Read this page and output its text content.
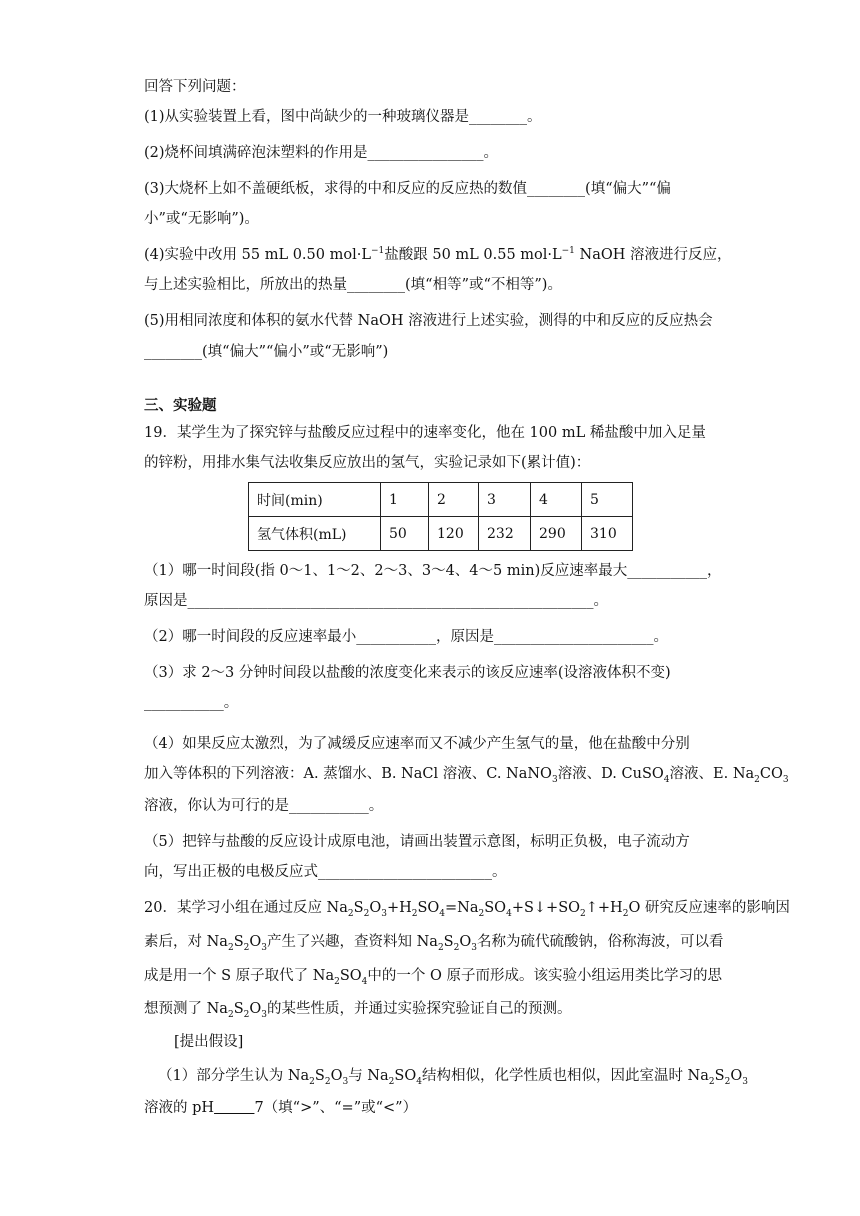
回答下列问题：
(1)从实验装置上看，图中尚缺少的一种玻璃仪器是________。
(2)烧杯间填满碎泡沫塑料的作用是________________。
(3)大烧杯上如不盖硬纸板，求得的中和反应的反应热的数值________(填“偏大”“偏
小”或“无影响”)。
(4)实验中改用 55 mL 0.50 $mol\cdot L^{-1}$盐酸跟 50 mL 0.55 $mol\cdot L^{-1}$ NaOH 溶液进行反应，
与上述实验相比，所放出的热量________(填“相等”或“不相等”)。
(5)用相同浓度和体积的氨水代替 NaOH 溶液进行上述实验，测得的中和反应的反应热会
________(填“偏大”“偏小”或“无影响”)
三、实验题
19．某学生为了探究锌与盐酸反应过程中的速率变化，他在 100 mL 稀盐酸中加入足量
的锌粉，用排水集气法收集反应放出的氢气，实验记录如下(累计值)：
时间(min)	1	2	3	4	5
氢气体积(mL)	50	120	232	290	310
（1）哪一时间段(指 0～1、1～2、2～3、3～4、4～5 min)反应速率最大___________，
原因是________________________________________________________。
（2）哪一时间段的反应速率最小___________，原因是______________________。
（3）求 2～3 分钟时间段以盐酸的浓度变化来表示的该反应速率(设溶液体积不变)
___________。
（4）如果反应太激烈，为了减缓反应速率而又不减少产生氢气的量，他在盐酸中分别
加入等体积的下列溶液：A. 蒸馏水、B. NaCl 溶液、C. NaNO$_3$溶液、D. CuSO$_4$溶液、E. $Na_2CO_3$
溶液，你认为可行的是___________。
（5）把锌与盐酸的反应设计成原电池，请画出装置示意图，标明正负极，电子流动方
向，写出正极的电极反应式________________________。
20．某学习小组在通过反应 $Na_2S_2O_3+H_2SO_4=Na_2SO_4+S↓+SO_2↑+H_2O$ 研究反应速率的影响因
素后，对 $Na_2S_2O_3$产生了兴趣，查资料知 $Na_2S_2O_3$名称为硫代硫酸钠，俗称海波，可以看
成是用一个 S 原子取代了 $Na_2SO_4$中的一个 O 原子而形成。该实验小组运用类比学习的思
想预测了 $Na_2S_2O_3$的某些性质，并通过实验探究验证自己的预测。
[提出假设]
（1）部分学生认为 $Na_2S_2O_3$与 $Na_2SO_4$结构相似，化学性质也相似，因此室温时 $Na_2S_2O_3$
溶液的 pH	7（填“>”、“=”或“<”）
